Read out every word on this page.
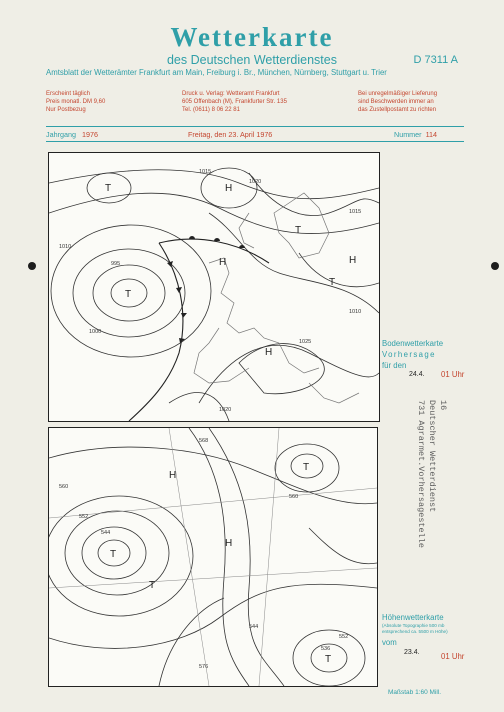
Wetterkarte
des Deutschen Wetterdienstes	D 7311 A
Amtsblatt der Wetterämter Frankfurt am Main, Freiburg i. Br., München, Nürnberg, Stuttgart u. Trier
Erscheint täglich
Preis monatl. DM 9,60
Nur Postbezug
Druck u. Verlag: Wetteramt Frankfurt
605 Offenbach (M), Frankfurter Str. 135
Tel. (0611) 8 06 22 81
Bei unregelmäßiger Lieferung
sind Beschwerden immer an
das Zustellpostamt zu richten
Jahrgang 1976	Freitag, den 23. April 1976	Nummer 114
T
H
H
H
T
T
H
T
995
1000
1010
1015
1020
1025
1015
1020
1010
T
H
T
T
H
T
544
552
560
568
560
552
536
544
576
Bodenwetterkarte
Vorhersage
für den
24.4. 01 Uhr
Höhenwetterkarte
(Absolute Topographie 500 mb
entsprechend ca. 5500 m Höhe)
vom
23.4.	01 Uhr
Maßstab 1:60 Mill.
16
Deutscher Wetterdienst
731 Agrarmet.Vorhersagestelle
